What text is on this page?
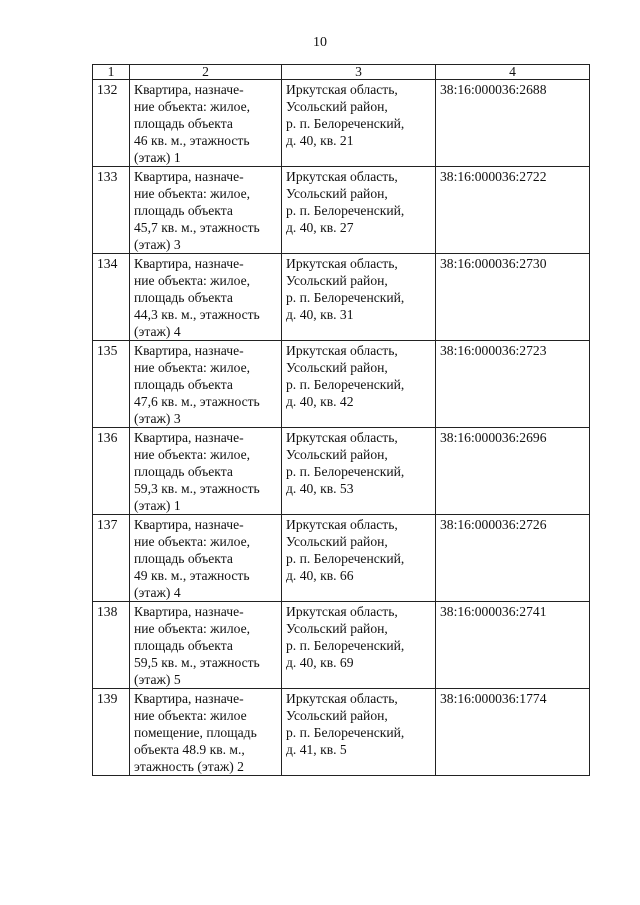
10
1	2	3	4
132	Квартира, назначе-
ние объекта: жилое,
площадь объекта
46 кв. м., этажность
(этаж) 1	Иркутская область,
Усольский район,
р. п. Белореченский,
д. 40, кв. 21	38:16:000036:2688
133	Квартира, назначе-
ние объекта: жилое,
площадь объекта
45,7 кв. м., этажность
(этаж) 3	Иркутская область,
Усольский район,
р. п. Белореченский,
д. 40, кв. 27	38:16:000036:2722
134	Квартира, назначе-
ние объекта: жилое,
площадь объекта
44,3 кв. м., этажность
(этаж) 4	Иркутская область,
Усольский район,
р. п. Белореченский,
д. 40, кв. 31	38:16:000036:2730
135	Квартира, назначе-
ние объекта: жилое,
площадь объекта
47,6 кв. м., этажность
(этаж) 3	Иркутская область,
Усольский район,
р. п. Белореченский,
д. 40, кв. 42	38:16:000036:2723
136	Квартира, назначе-
ние объекта: жилое,
площадь объекта
59,3 кв. м., этажность
(этаж) 1	Иркутская область,
Усольский район,
р. п. Белореченский,
д. 40, кв. 53	38:16:000036:2696
137	Квартира, назначе-
ние объекта: жилое,
площадь объекта
49 кв. м., этажность
(этаж) 4	Иркутская область,
Усольский район,
р. п. Белореченский,
д. 40, кв. 66	38:16:000036:2726
138	Квартира, назначе-
ние объекта: жилое,
площадь объекта
59,5 кв. м., этажность
(этаж) 5	Иркутская область,
Усольский район,
р. п. Белореченский,
д. 40, кв. 69	38:16:000036:2741
139	Квартира, назначе-
ние объекта: жилое
помещение, площадь
объекта 48.9 кв. м.,
этажность (этаж) 2	Иркутская область,
Усольский район,
р. п. Белореченский,
д. 41, кв. 5	38:16:000036:1774
